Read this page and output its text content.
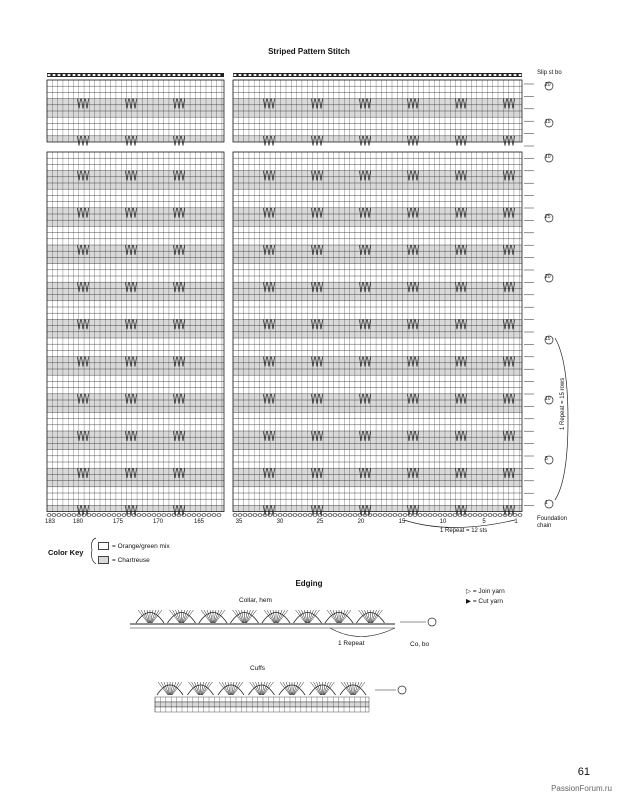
Striped Pattern Stitch
Slip st bo
Foundation
chain
20
15
10
25
20
15
10
5
1
183	180	175	170	165	35	30	25	20	15	10	5	1
1 Repeat = 12 sts
1 Repeat = 15 rows
Color Key
= Orange/green mix
= Chartreuse
Edging
Collar, hem
1 Repeat	Co, bo
Cuffs
▷ = Join yarn
▶ = Cut yarn
61
PassionForum.ru
